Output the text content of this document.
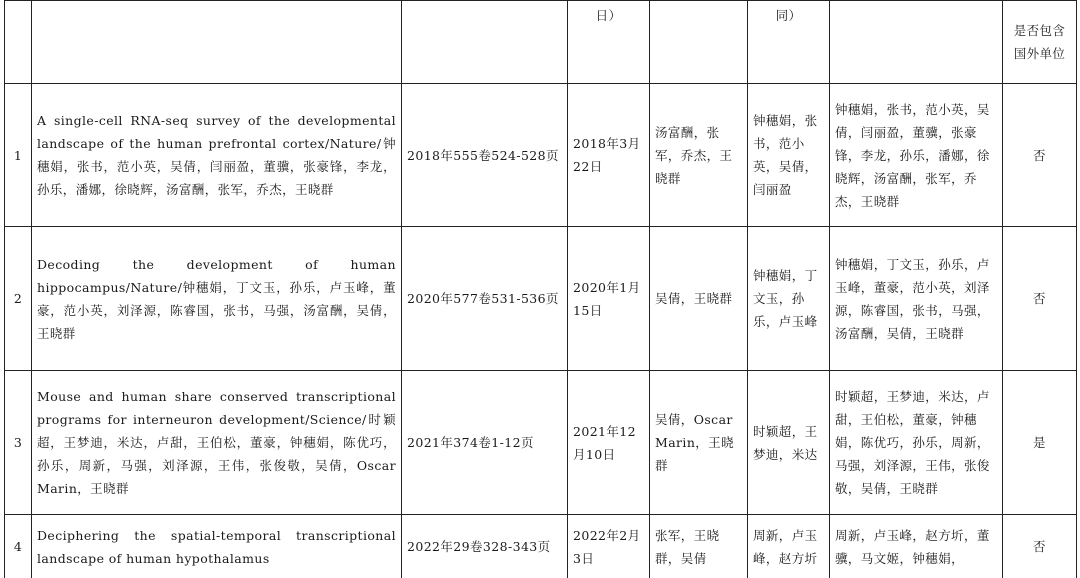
			日）		同）		是否包含国外单位
1	A single-cell RNA-seq survey of the developmental landscape of the human prefrontal cortex/Nature/钟穗娟，张书，范小英，吴倩，闫丽盈，董骥，张豪锋，李龙，孙乐，潘娜，徐晓辉，汤富酬，张军，乔杰，王晓群	2018年555卷524-528页	2018年3月22日	汤富酬，张军，乔杰，王晓群	钟穗娟，张书，范小英，吴倩，闫丽盈	钟穗娟，张书，范小英，吴倩，闫丽盈，董骥，张豪锋，李龙，孙乐，潘娜，徐晓辉，汤富酬，张军，乔杰，王晓群	否
2	Decoding the development of human hippocampus/Nature/钟穗娟，丁文玉，孙乐，卢玉峰，董豪，范小英，刘泽源，陈睿国，张书，马强，汤富酬，吴倩，王晓群	2020年577卷531-536页	2020年1月15日	吴倩，王晓群	钟穗娟，丁文玉，孙乐，卢玉峰	钟穗娟，丁文玉，孙乐，卢玉峰，董豪，范小英，刘泽源，陈睿国，张书，马强，汤富酬，吴倩，王晓群	否
3	Mouse and human share conserved transcriptional programs for interneuron development/Science/时颖超，王梦迪，米达，卢甜，王伯松，董豪，钟穗娟，陈优巧，孙乐，周新，马强，刘泽源，王伟，张俊敬，吴倩，Oscar Marin，王晓群	2021年374卷1-12页	2021年12月10日	吴倩，Oscar Marin，王晓群	时颖超，王梦迪，米达	时颖超，王梦迪，米达，卢甜，王伯松，董豪，钟穗娟，陈优巧，孙乐，周新，马强，刘泽源，王伟，张俊敬，吴倩，王晓群	是
4	Deciphering the spatial-temporal transcriptional landscape of human hypothalamus	2022年29卷328-343页	2022年2月3日	张军，王晓群，吴倩	周新，卢玉峰，赵方圻	周新，卢玉峰，赵方圻，董骥，马文姬，钟穗娟，	否
